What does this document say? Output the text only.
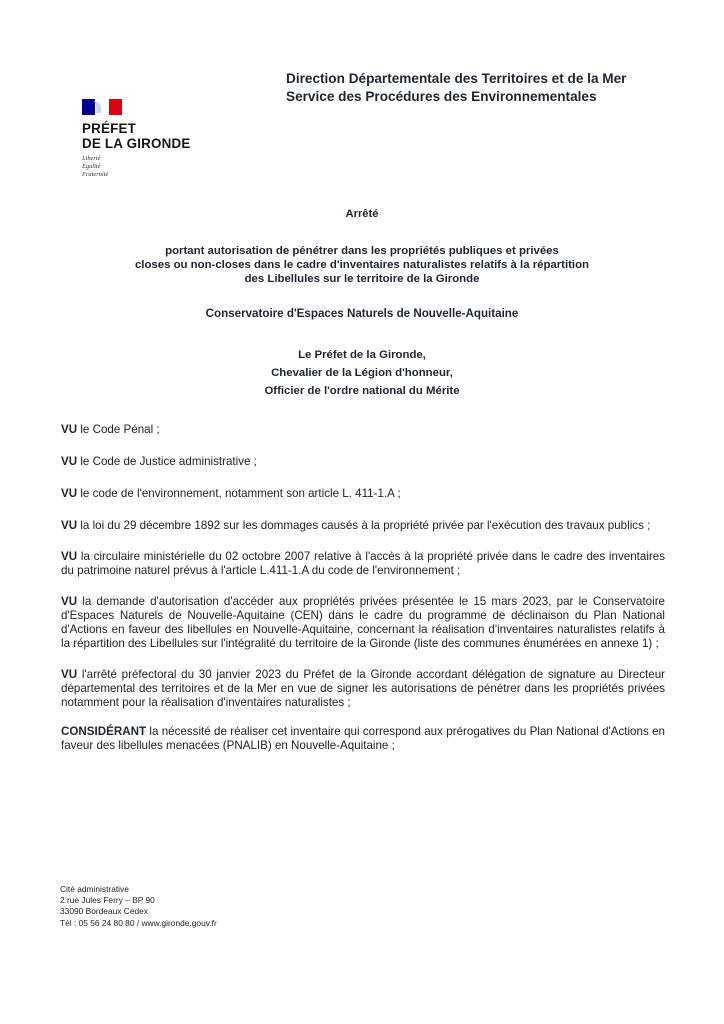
Direction Départementale des Territoires et de la Mer
Service des Procédures des Environnementales
PRÉFET
DE LA GIRONDE
Liberté
Égalité
Fraternité
Arrêté
portant autorisation de pénétrer dans les propriétés publiques et privées
closes ou non-closes dans le cadre d'inventaires naturalistes relatifs à la répartition
des Libellules sur le territoire de la Gironde
Conservatoire d'Espaces Naturels de Nouvelle-Aquitaine
Le Préfet de la Gironde,
Chevalier de la Légion d'honneur,
Officier de l'ordre national du Mérite

VU le Code Pénal ;

VU le Code de Justice administrative ;

VU le code de l'environnement, notamment son article L. 411-1.A ;

VU la loi du 29 décembre 1892 sur les dommages causés à la propriété privée par l'exécution des travaux publics ;

VU la circulaire ministérielle du 02 octobre 2007 relative à l'accès à la propriété privée dans le cadre des inventaires du patrimoine naturel prévus à l'article L.411-1.A du code de l'environnement ;

VU la demande d'autorisation d'accéder aux propriétés privées présentée le 15 mars 2023, par le Conservatoire d'Espaces Naturels de Nouvelle-Aquitaine (CEN) dans le cadre du programme de déclinaison du Plan National d'Actions en faveur des libellules en Nouvelle-Aquitaine, concernant la réalisation d'inventaires naturalistes relatifs à la répartition des Libellules sur l'intégralité du territoire de la Gironde (liste des communes énumérées en annexe 1) ;

VU l'arrêté préfectoral du 30 janvier 2023 du Préfet de la Gironde accordant délégation de signature au Directeur départemental des territoires et de la Mer en vue de signer les autorisations de pénétrer dans les propriétés privées notamment pour la réalisation d'inventaires naturalistes ;

CONSIDÉRANT la nécessité de réaliser cet inventaire qui correspond aux prérogatives du Plan National d'Actions en faveur des libellules menacées (PNALIB) en Nouvelle-Aquitaine ;

Cité administrative
2 rue Jules Ferry – BP 90
33090 Bordeaux Cedex
Tél : 05 56 24 80 80 / www.gironde.gouv.fr
